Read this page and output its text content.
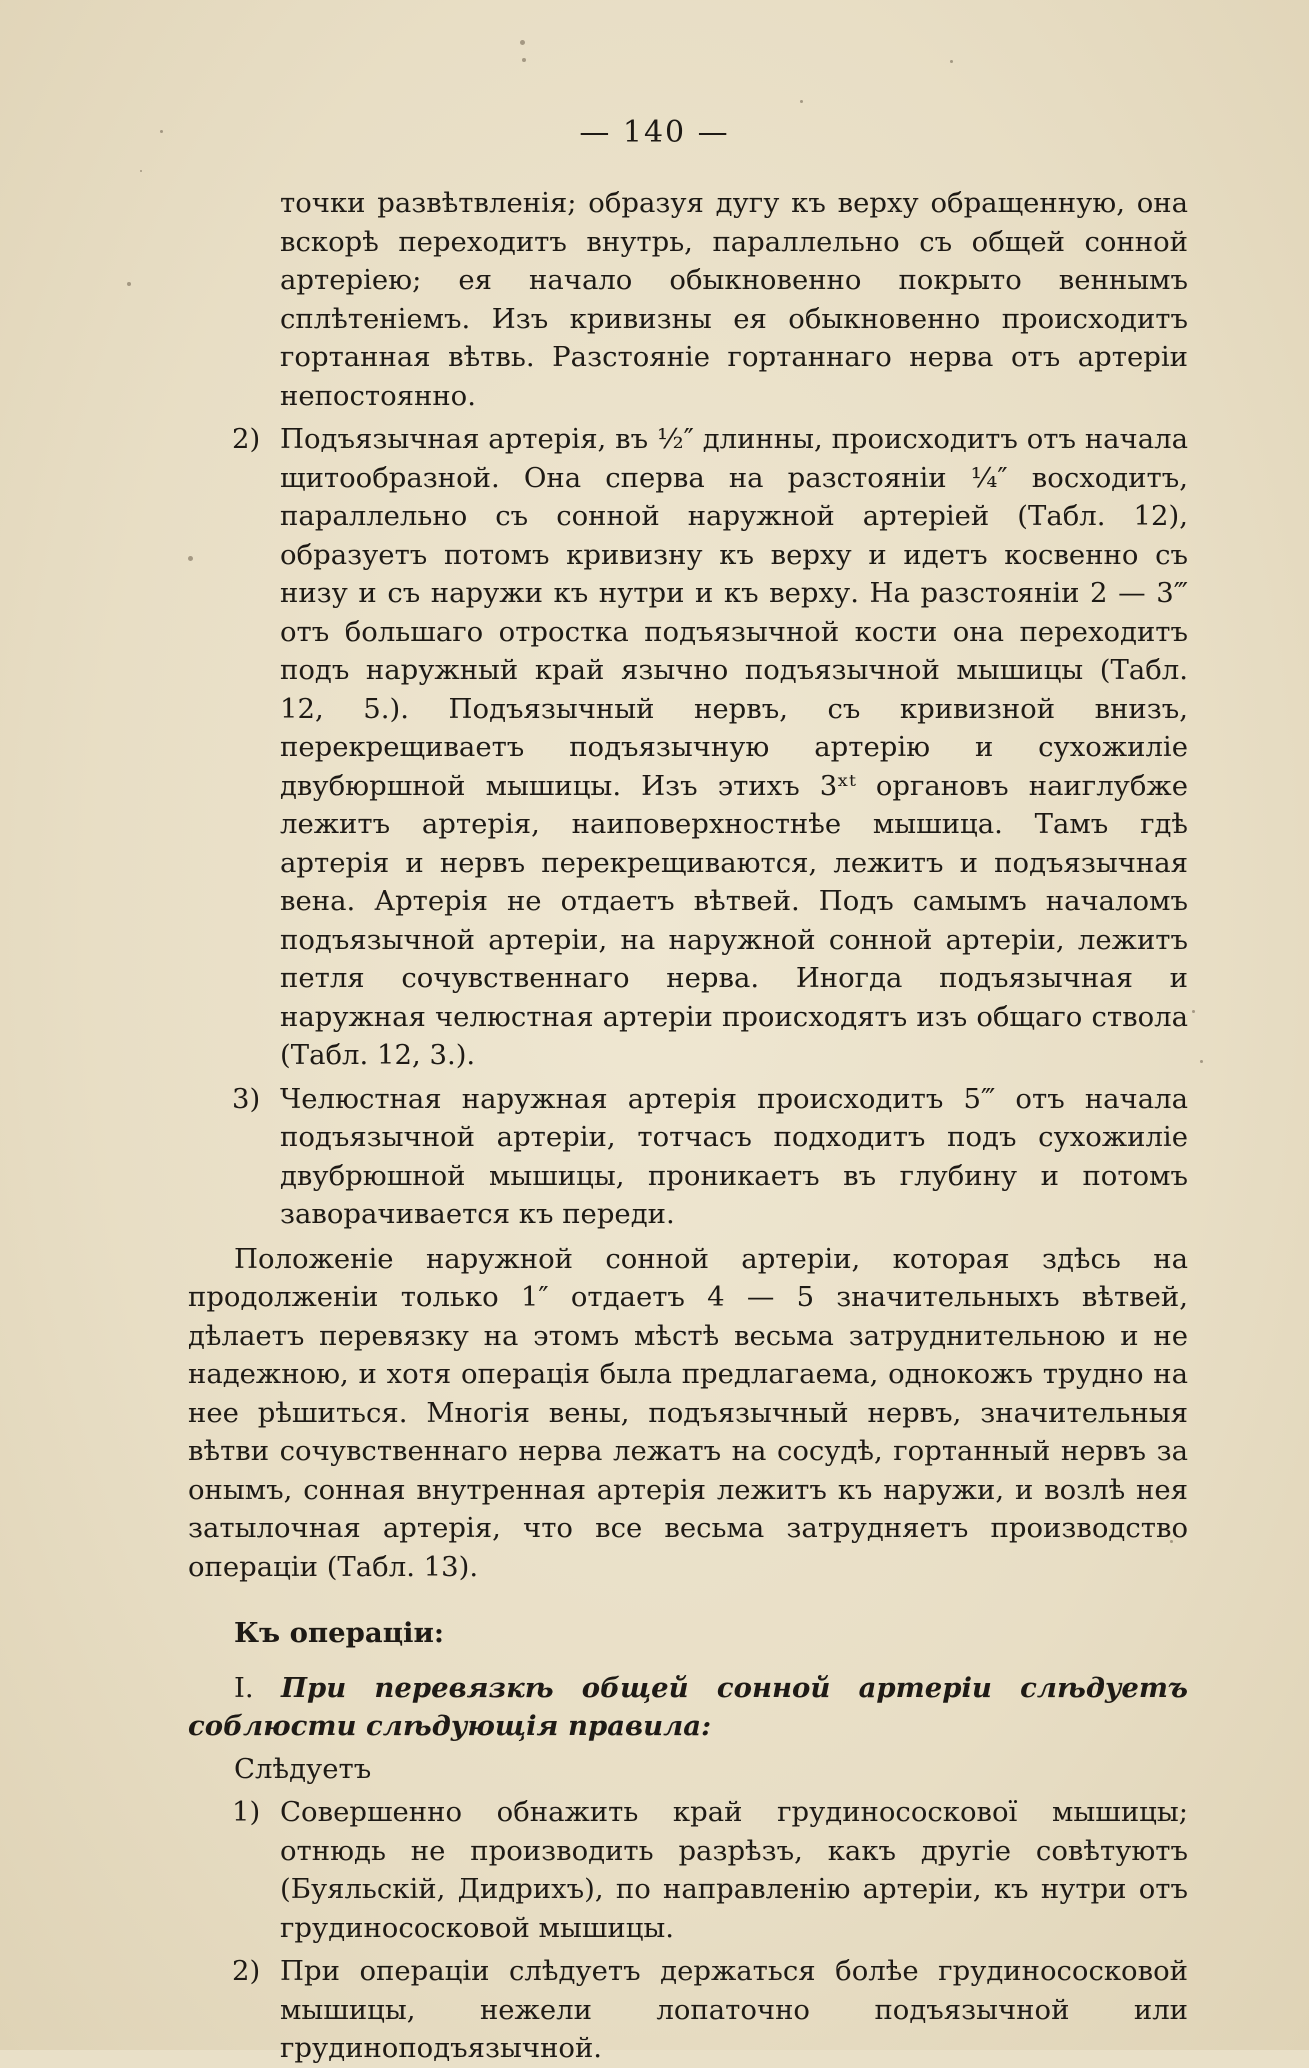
— 140 —

точки развѣтвленія; образуя дугу къ верху обращенную, она вскорѣ переходитъ внутрь, параллельно съ общей сонной артеріею; ея начало обыкновенно покрыто веннымъ сплѣтеніемъ. Изъ кривизны ея обыкновенно происходитъ гортанная вѣтвь. Разстояніе гортаннаго нерва отъ артеріи непостоянно.

2) Подъязычная артерія, въ ½″ длинны, происходитъ отъ начала щитообразной. Она сперва на разстояніи ¼″ восходитъ, параллельно съ сонной наружной артеріей (Табл. 12), образуетъ потомъ кривизну къ верху и идетъ косвенно съ низу и съ наружи къ нутри и къ верху. На разстояніи 2 — 3‴ отъ большаго отростка подъязычной кости она переходитъ подъ наружный край язычно подъязычной мышицы (Табл. 12, 5.). Подъязычный нервъ, съ кривизной внизъ, перекрещиваетъ подъязычную артерію и сухожиліе двубюршной мышицы. Изъ этихъ 3ˣᵗ органовъ наиглубже лежитъ артерія, наиповерхностнѣе мышица. Тамъ гдѣ артерія и нервъ перекрещиваются, лежитъ и подъязычная вена. Артерія не отдаетъ вѣтвей. Подъ самымъ началомъ подъязычной артеріи, на наружной сонной артеріи, лежитъ петля сочувственнаго нерва. Иногда подъязычная и наружная челюстная артеріи происходятъ изъ общаго ствола (Табл. 12, 3.).

3) Челюстная наружная артерія происходитъ 5‴ отъ начала подъязычной артеріи, тотчасъ подходитъ подъ сухожиліе двубрюшной мышицы, проникаетъ въ глубину и потомъ заворачивается къ переди.

Положеніе наружной сонной артеріи, которая здѣсь на продолженіи только 1″ отдаетъ 4 — 5 значительныхъ вѣтвей, дѣлаетъ перевязку на этомъ мѣстѣ весьма затруднительною и не надежною, и хотя операція была предлагаема, однокожъ трудно на нее рѣшиться. Многія вены, подъязычный нервъ, значительныя вѣтви сочувственнаго нерва лежатъ на сосудѣ, гортанный нервъ за онымъ, сонная внутренная артерія лежитъ къ наружи, и возлѣ нея затылочная артерія, что все весьма затрудняетъ производство операціи (Табл. 13).

Къ операціи:

I. При перевязкѣ общей сонной артеріи слѣдуетъ соблюсти слѣдующія правила:

Слѣдуетъ

1) Совершенно обнажить край грудинососкової мышицы; отнюдь не производить разрѣзъ, какъ другіе совѣтуютъ (Буяльскій, Дидрихъ), по направленію артеріи, къ нутри отъ грудинососковой мышицы.

2) При операціи слѣдуетъ держаться болѣе грудинососковой мышицы, нежели лопаточно подъязычной или грудиноподъязычной.
